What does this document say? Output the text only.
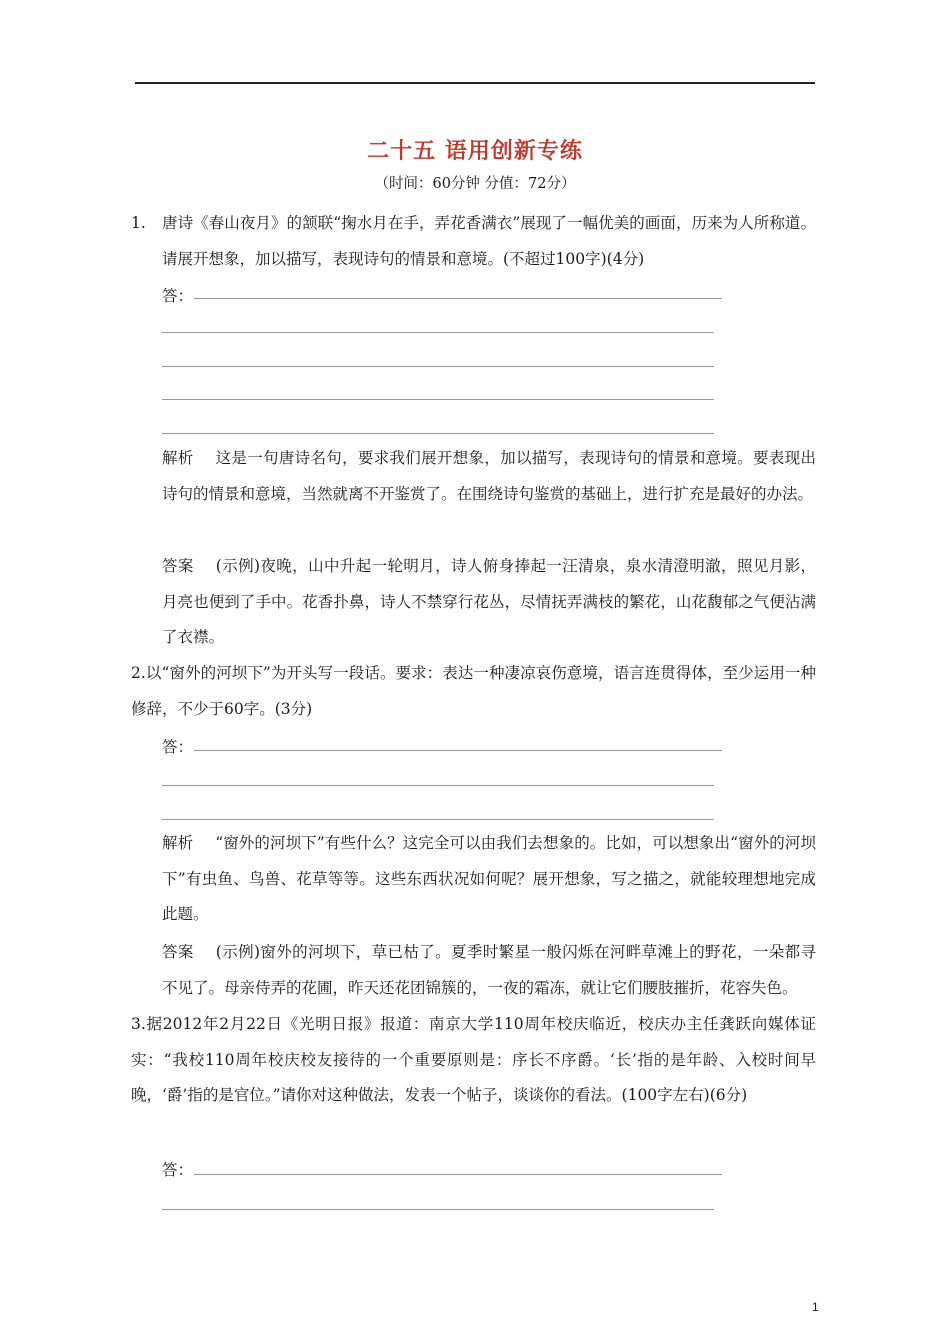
二十五 语用创新专练
（时间：60分钟 分值：72分）
1. 唐诗《春山夜月》的颔联“掬水月在手，弄花香满衣”展现了一幅优美的画面，历来为人所称道。请展开想象，加以描写，表现诗句的情景和意境。(不超过100字)(4分)
答：
解析 这是一句唐诗名句，要求我们展开想象，加以描写，表现诗句的情景和意境。要表现出诗句的情景和意境，当然就离不开鉴赏了。在围绕诗句鉴赏的基础上，进行扩充是最好的办法。
答案 (示例)夜晚，山中升起一轮明月，诗人俯身捧起一汪清泉，泉水清澄明澈，照见月影，月亮也便到了手中。花香扑鼻，诗人不禁穿行花丛，尽情抚弄满枝的繁花，山花馥郁之气便沾满了衣襟。
2.以“窗外的河坝下”为开头写一段话。要求：表达一种凄凉哀伤意境，语言连贯得体，至少运用一种修辞，不少于60字。(3分)
答：
解析 “窗外的河坝下”有些什么？这完全可以由我们去想象的。比如，可以想象出“窗外的河坝下”有虫鱼、鸟兽、花草等等。这些东西状况如何呢？展开想象，写之描之，就能较理想地完成此题。
答案 (示例)窗外的河坝下，草已枯了。夏季时繁星一般闪烁在河畔草滩上的野花，一朵都寻不见了。母亲侍弄的花圃，昨天还花团锦簇的，一夜的霜冻，就让它们腰肢摧折，花容失色。
3.据2012年2月22日《光明日报》报道：南京大学110周年校庆临近，校庆办主任龚跃向媒体证实：“我校110周年校庆校友接待的一个重要原则是：序长不序爵。‘长’指的是年龄、入校时间早晚，‘爵’指的是官位。”请你对这种做法，发表一个帖子，谈谈你的看法。(100字左右)(6分)
答：
1
